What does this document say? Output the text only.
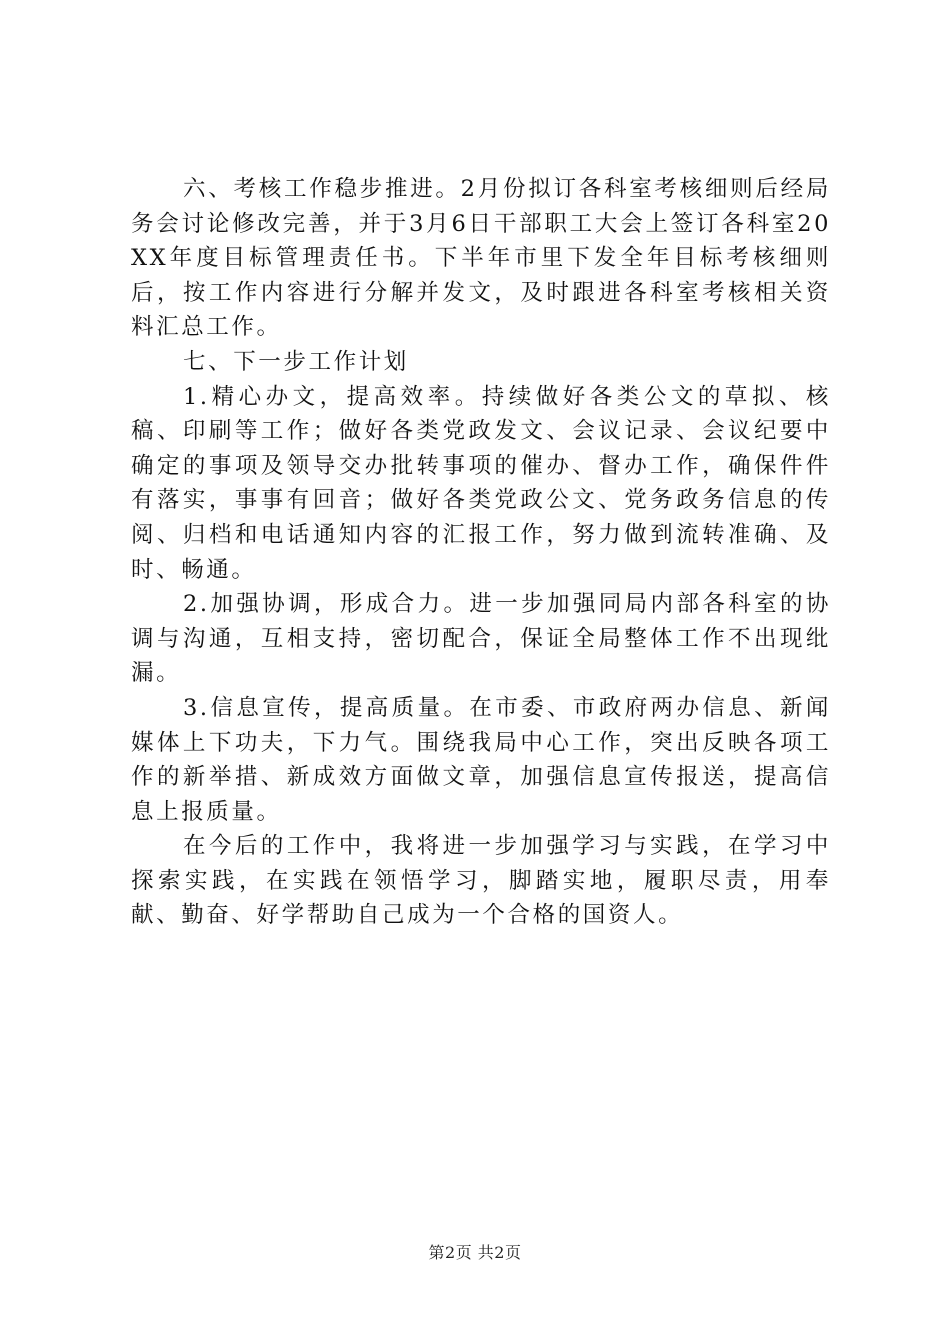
六、考核工作稳步推进。2月份拟订各科室考核细则后经局务会讨论修改完善，并于3月6日干部职工大会上签订各科室20XX年度目标管理责任书。下半年市里下发全年目标考核细则后，按工作内容进行分解并发文，及时跟进各科室考核相关资料汇总工作。

七、下一步工作计划

1.精心办文，提高效率。持续做好各类公文的草拟、核稿、印刷等工作；做好各类党政发文、会议记录、会议纪要中确定的事项及领导交办批转事项的催办、督办工作，确保件件有落实，事事有回音；做好各类党政公文、党务政务信息的传阅、归档和电话通知内容的汇报工作，努力做到流转准确、及时、畅通。

2.加强协调，形成合力。进一步加强同局内部各科室的协调与沟通，互相支持，密切配合，保证全局整体工作不出现纰漏。

3.信息宣传，提高质量。在市委、市政府两办信息、新闻媒体上下功夫，下力气。围绕我局中心工作，突出反映各项工作的新举措、新成效方面做文章，加强信息宣传报送，提高信息上报质量。

在今后的工作中，我将进一步加强学习与实践，在学习中探索实践，在实践在领悟学习，脚踏实地，履职尽责，用奉献、勤奋、好学帮助自己成为一个合格的国资人。

第2页 共2页
